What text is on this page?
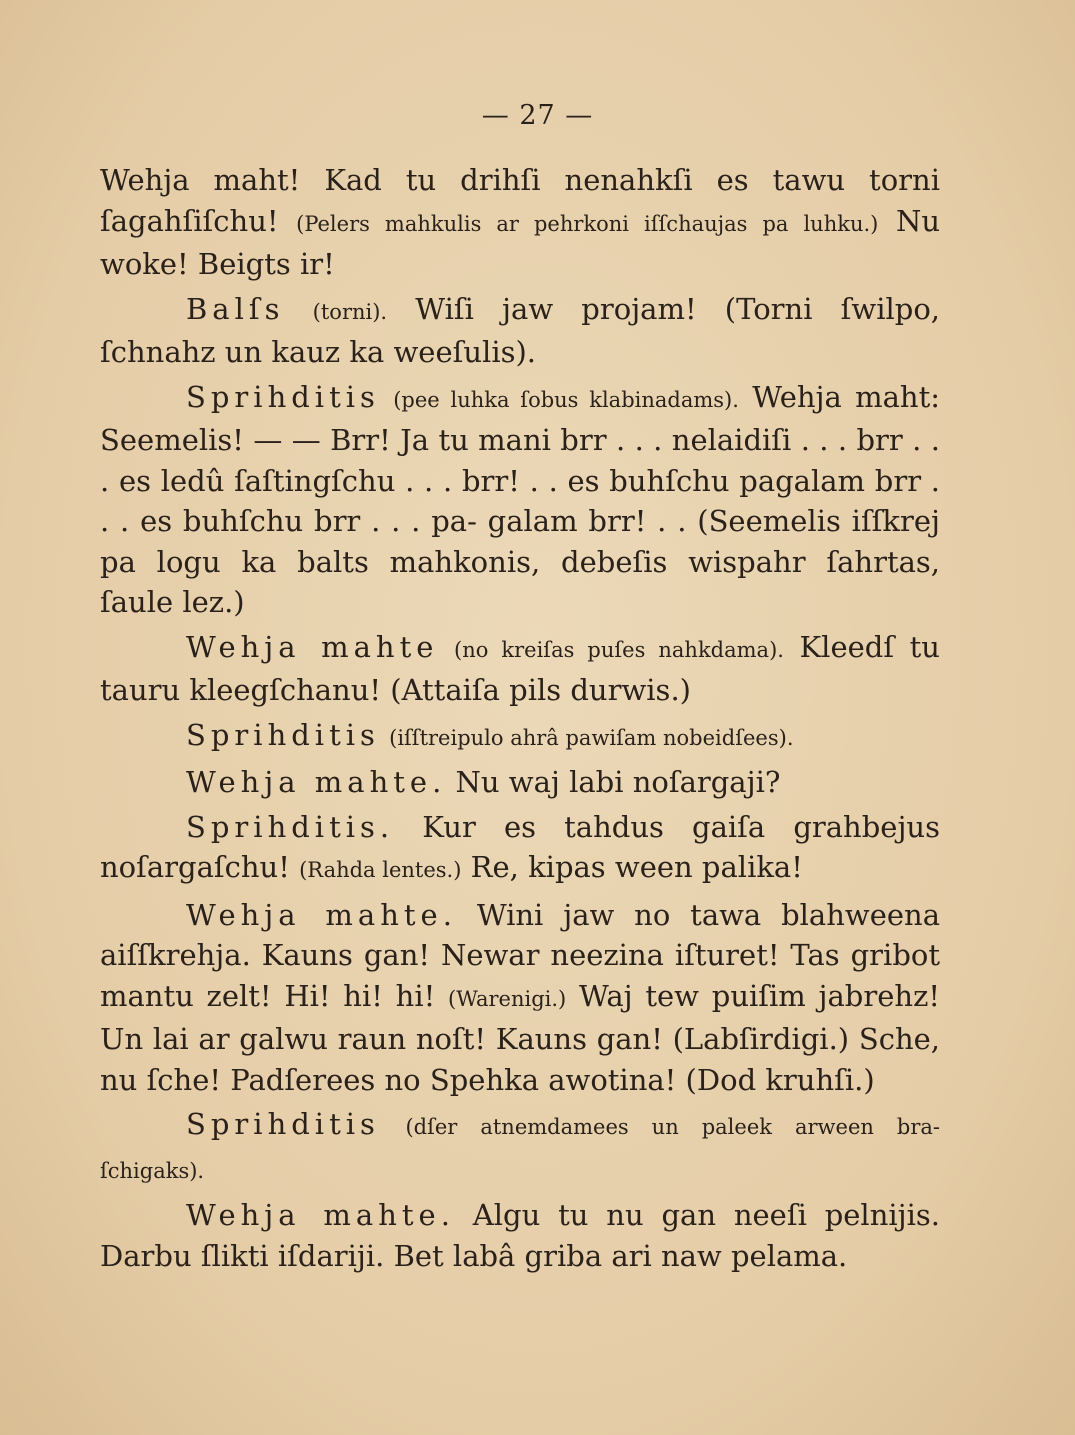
— 27 —

Wehja maht! Kad tu drihſi nenahkſi es tawu torni ſagahſiſchu! (Pelers mahkulis ar pehrkoni iſſchaujas pa luhku.) Nu woke! Beigts ir!

Balſs (torni). Wiſi jaw projam! (Torni ſwilpo, ſchnahz un kauz ka weeſulis).

Sprihditis (pee luhka ſobus klabinadams). Wehja maht: Seemelis! — — Brr! Ja tu mani brr . . . nelaidiſi . . . brr . . . es ledû ſaſtingſchu . . . brr! . . es buhſchu pagalam brr . . . es buhſchu brr . . . pa- galam brr! . . (Seemelis iſſkrej pa logu ka balts mahkonis, debeſis wispahr ſahrtas, ſaule lez.)

Wehja mahte (no kreiſas puſes nahkdama). Kleedſ tu tauru kleegſchanu! (Attaiſa pils durwis.)

Sprihditis (iſſtreipulo ahrâ pawiſam nobeidſees).

Wehja mahte. Nu waj labi noſargaji?

Sprihditis. Kur es tahdus gaiſa grahbejus noſargaſchu! (Rahda lentes.) Re, kipas ween palika!

Wehja mahte. Wini jaw no tawa blahweena aiſſkrehja. Kauns gan! Newar neezina iſturet! Tas gribot mantu zelt! Hi! hi! hi! (Warenigi.) Waj tew puiſim jabrehz! Un lai ar galwu raun noſt! Kauns gan! (Labſirdigi.) Sche, nu ſche! Padſerees no Spehka awotina! (Dod kruhſi.)

Sprihditis (dſer atnemdamees un paleek arween bra- ſchigaks).

Wehja mahte. Algu tu nu gan neeſi pelnijis. Darbu ſlikti iſdariji. Bet labâ griba ari naw pelama.
